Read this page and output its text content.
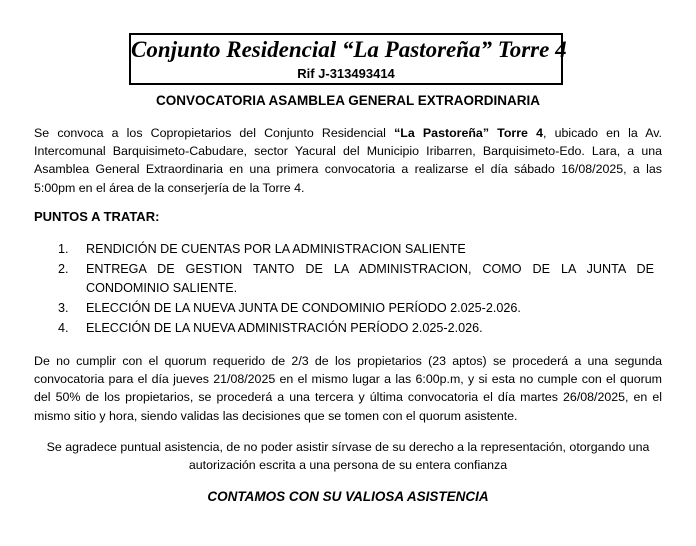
Conjunto Residencial “La Pastoreña” Torre 4
Rif J-313493414
CONVOCATORIA ASAMBLEA GENERAL EXTRAORDINARIA
Se convoca a los Copropietarios del Conjunto Residencial “La Pastoreña” Torre 4, ubicado en la Av. Intercomunal Barquisimeto-Cabudare, sector Yacural del Municipio Iribarren, Barquisimeto-Edo. Lara, a una Asamblea General Extraordinaria en una primera convocatoria a realizarse el día sábado 16/08/2025, a las 5:00pm en el área de la conserjería de la Torre 4.
PUNTOS A TRATAR:
1. RENDICIÓN DE CUENTAS POR LA ADMINISTRACION SALIENTE
2. ENTREGA DE GESTION TANTO DE LA ADMINISTRACION, COMO DE LA JUNTA DE CONDOMINIO SALIENTE.
3. ELECCIÓN DE LA NUEVA JUNTA DE CONDOMINIO PERÍODO 2.025-2.026.
4. ELECCIÓN DE LA NUEVA ADMINISTRACIÓN PERÍODO 2.025-2.026.
De no cumplir con el quorum requerido de 2/3 de los propietarios (23 aptos) se procederá a una segunda convocatoria para el día jueves 21/08/2025 en el mismo lugar a las 6:00p.m, y si esta no cumple con el quorum del 50% de los propietarios, se procederá a una tercera y última convocatoria el día martes 26/08/2025, en el mismo sitio y hora, siendo validas las decisiones que se tomen con el quorum asistente.
Se agradece puntual asistencia, de no poder asistir sírvase de su derecho a la representación, otorgando una autorización escrita a una persona de su entera confianza
CONTAMOS CON SU VALIOSA ASISTENCIA
